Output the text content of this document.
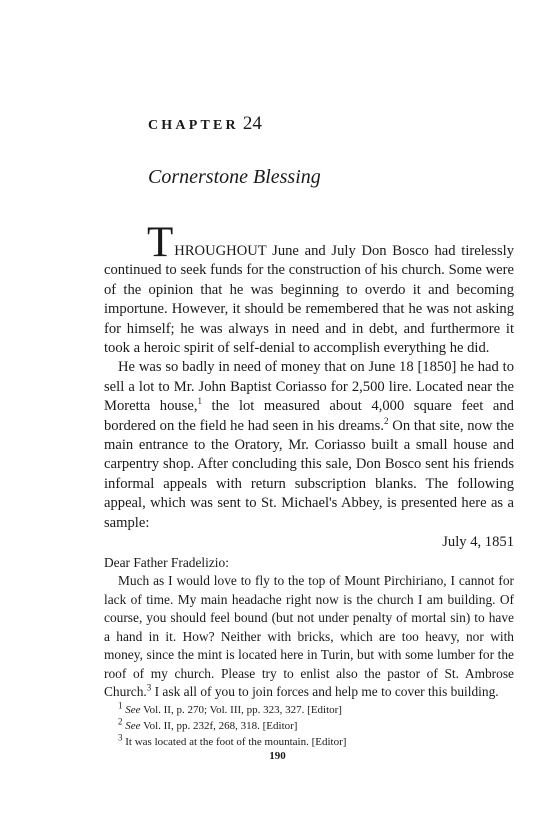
CHAPTER 24
Cornerstone Blessing

THROUGHOUT June and July Don Bosco had tirelessly continued to seek funds for the construction of his church. Some were of the opinion that he was beginning to overdo it and becoming importune. However, it should be remembered that he was not asking for himself; he was always in need and in debt, and furthermore it took a heroic spirit of self-denial to accomplish everything he did.

He was so badly in need of money that on June 18 [1850] he had to sell a lot to Mr. John Baptist Coriasso for 2,500 lire. Located near the Moretta house,$^1$ the lot measured about 4,000 square feet and bordered on the field he had seen in his dreams.$^2$ On that site, now the main entrance to the Oratory, Mr. Coriasso built a small house and carpentry shop. After concluding this sale, Don Bosco sent his friends informal appeals with return subscription blanks. The following appeal, which was sent to St. Michael's Abbey, is presented here as a sample:

July 4, 1851

Dear Father Fradelizio:

Much as I would love to fly to the top of Mount Pirchiriano, I cannot for lack of time. My main headache right now is the church I am building. Of course, you should feel bound (but not under penalty of mortal sin) to have a hand in it. How? Neither with bricks, which are too heavy, nor with money, since the mint is located here in Turin, but with some lumber for the roof of my church. Please try to enlist also the pastor of St. Ambrose Church.$^3$ I ask all of you to join forces and help me to cover this building.

$^1$ See Vol. II, p. 270; Vol. III, pp. 323, 327. [Editor]
$^2$ See Vol. II, pp. 232f, 268, 318. [Editor]
$^3$ It was located at the foot of the mountain. [Editor]
190
